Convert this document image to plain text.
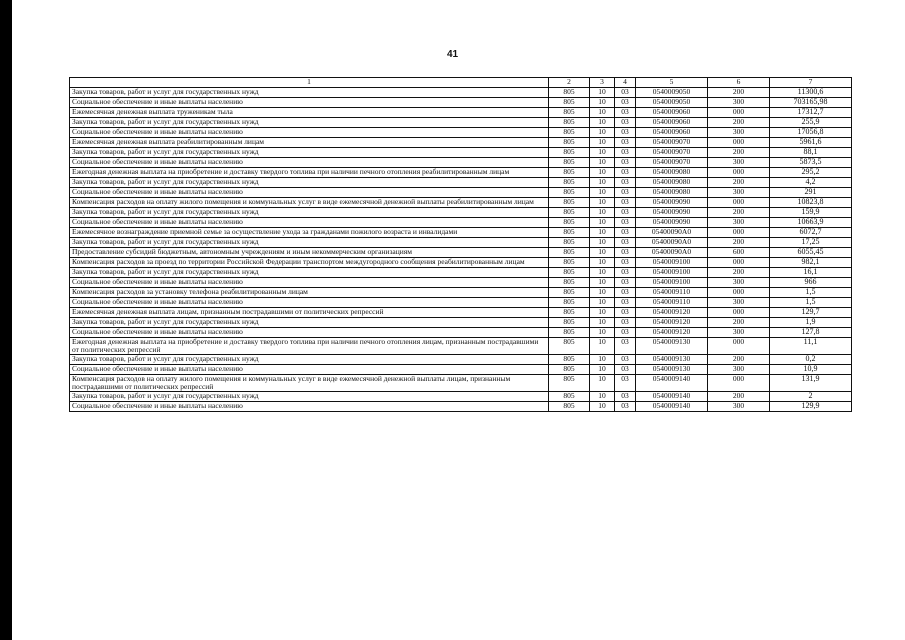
41
1	2	3	4	5	6	7
Закупка товаров, работ и услуг для государственных нужд	805	10	03	0540009050	200	11300,6
Социальное обеспечение и иные выплаты населению	805	10	03	0540009050	300	703165,98
Ежемесячная денежная выплата труженикам тыла	805	10	03	0540009060	000	17312,7
Закупка товаров, работ и услуг для государственных нужд	805	10	03	0540009060	200	255,9
Социальное обеспечение и иные выплаты населению	805	10	03	0540009060	300	17056,8
Ежемесячная денежная выплата реабилитированным лицам	805	10	03	0540009070	000	5961,6
Закупка товаров, работ и услуг для государственных нужд	805	10	03	0540009070	200	88,1
Социальное обеспечение и иные выплаты населению	805	10	03	0540009070	300	5873,5
Ежегодная денежная выплата на приобретение и доставку твердого топлива при наличии печного отопления реабилитированным лицам	805	10	03	0540009080	000	295,2
Закупка товаров, работ и услуг для государственных нужд	805	10	03	0540009080	200	4,2
Социальное обеспечение и иные выплаты населению	805	10	03	0540009080	300	291
Компенсация расходов на оплату жилого помещения и коммунальных услуг в виде ежемесячной денежной выплаты реабилитированным лицам	805	10	03	0540009090	000	10823,8
Закупка товаров, работ и услуг для государственных нужд	805	10	03	0540009090	200	159,9
Социальное обеспечение и иные выплаты населению	805	10	03	0540009090	300	10663,9
Ежемесячное вознаграждение приемной семье за осуществление ухода за гражданами пожилого возраста и инвалидами	805	10	03	05400090А0	000	6072,7
Закупка товаров, работ и услуг для государственных нужд	805	10	03	05400090А0	200	17,25
Предоставление субсидий бюджетным, автономным учреждениям и иным некоммерческим организациям	805	10	03	05400090А0	600	6055,45
Компенсация расходов за проезд по территории Российской Федерации транспортом междугородного сообщения реабилитированным лицам	805	10	03	0540009100	000	982,1
Закупка товаров, работ и услуг для государственных нужд	805	10	03	0540009100	200	16,1
Социальное обеспечение и иные выплаты населению	805	10	03	0540009100	300	966
Компенсация расходов за установку телефона реабилитированным лицам	805	10	03	0540009110	000	1,5
Социальное обеспечение и иные выплаты населению	805	10	03	0540009110	300	1,5
Ежемесячная денежная выплата лицам, признанным пострадавшими от политических репрессий	805	10	03	0540009120	000	129,7
Закупка товаров, работ и услуг для государственных нужд	805	10	03	0540009120	200	1,9
Социальное обеспечение и иные выплаты населению	805	10	03	0540009120	300	127,8
Ежегодная денежная выплата на приобретение и доставку твердого топлива при наличии печного отопления лицам, признанным пострадавшими от политических репрессий	805	10	03	0540009130	000	11,1
Закупка товаров, работ и услуг для государственных нужд	805	10	03	0540009130	200	0,2
Социальное обеспечение и иные выплаты населению	805	10	03	0540009130	300	10,9
Компенсация расходов на оплату жилого помещения и коммунальных услуг в виде ежемесячной денежной выплаты лицам, признанным пострадавшими от политических репрессий	805	10	03	0540009140	000	131,9
Закупка товаров, работ и услуг для государственных нужд	805	10	03	0540009140	200	2
Социальное обеспечение и иные выплаты населению	805	10	03	0540009140	300	129,9
